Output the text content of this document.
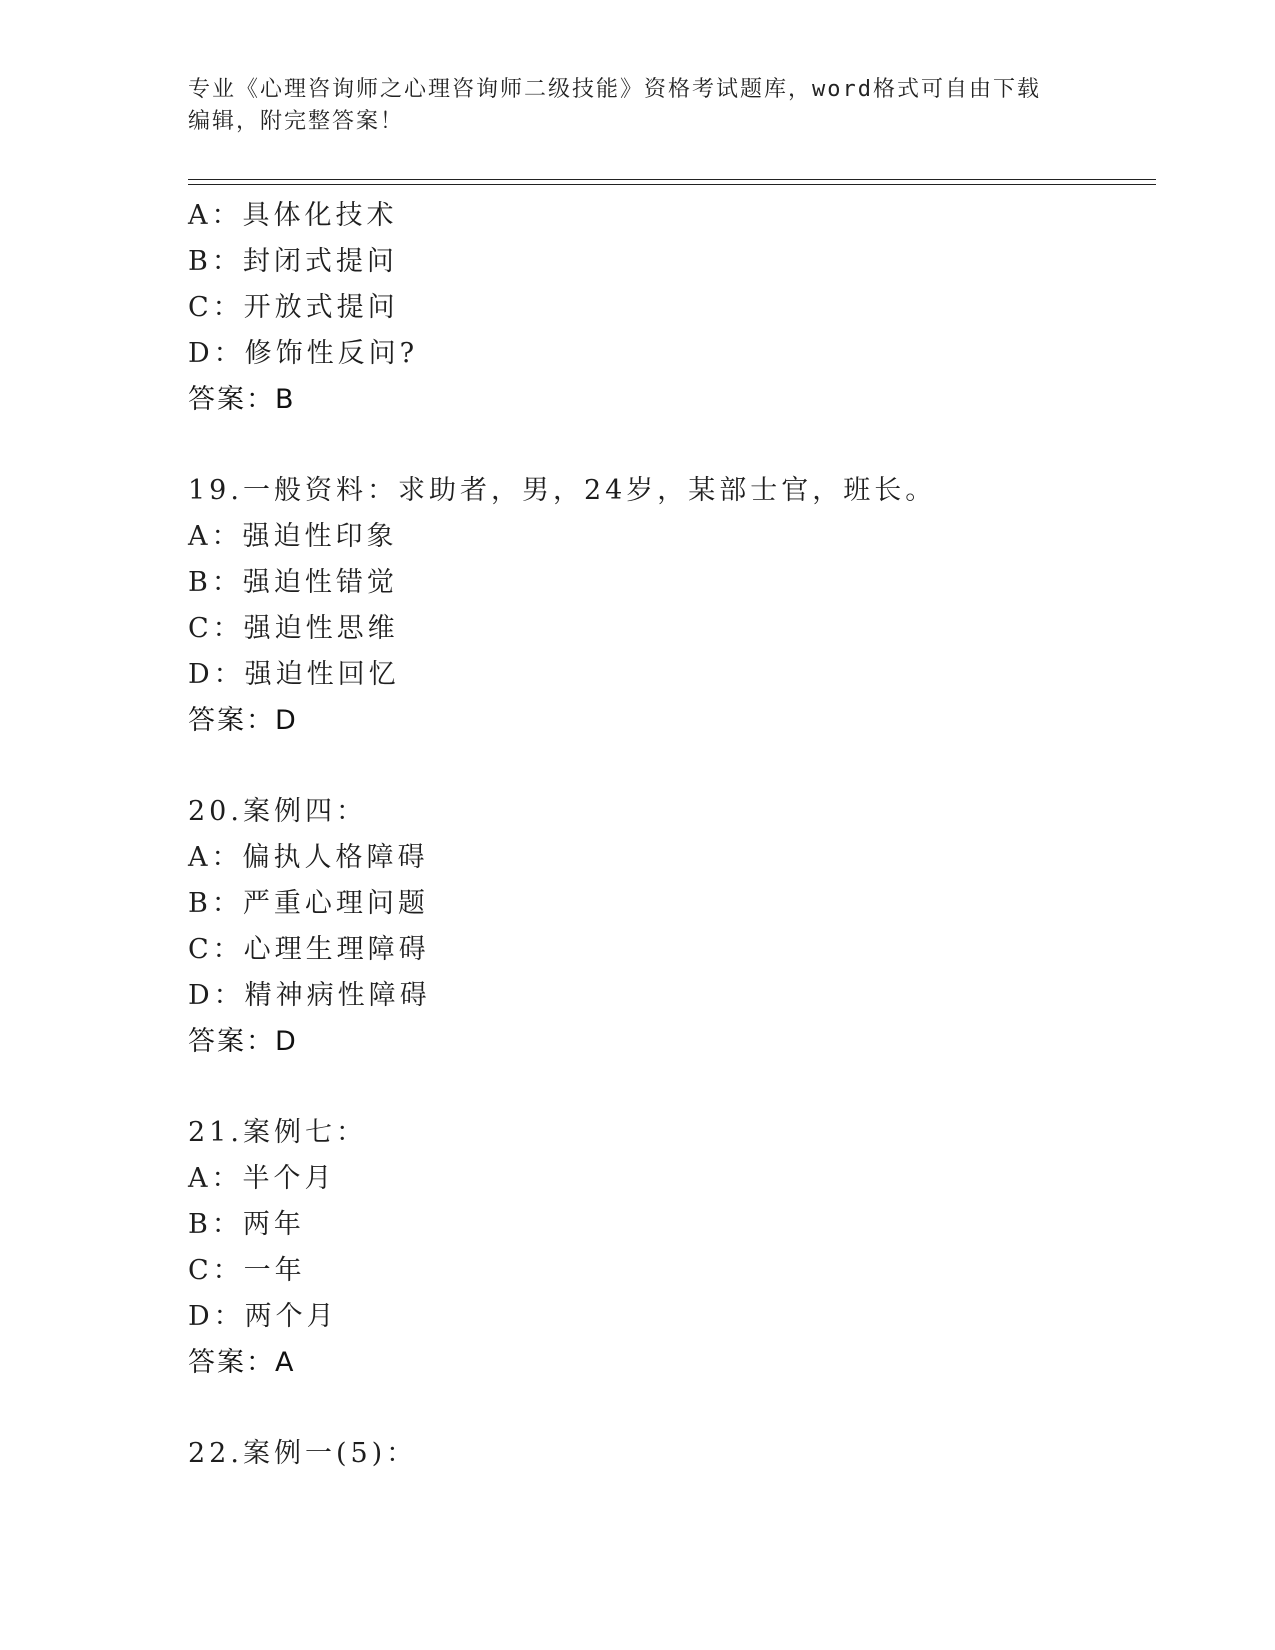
专业《心理咨询师之心理咨询师二级技能》资格考试题库，word格式可自由下载
编辑，附完整答案！
A：具体化技术
B：封闭式提问
C：开放式提问
D：修饰性反问?
答案：B
19.一般资料：求助者，男，24岁，某部士官，班长。
A：强迫性印象
B：强迫性错觉
C：强迫性思维
D：强迫性回忆
答案：D
20.案例四：
A：偏执人格障碍
B：严重心理问题
C：心理生理障碍
D：精神病性障碍
答案：D
21.案例七：
A：半个月
B：两年
C：一年
D：两个月
答案：A
22.案例一(5)：
